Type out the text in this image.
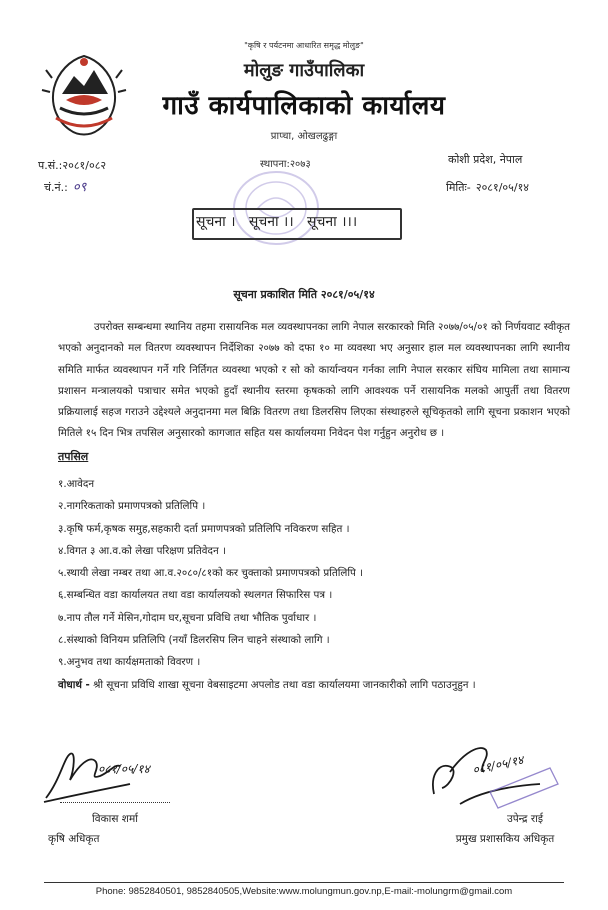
"कृषि र पर्यटनमा आधारित समृद्ध मोलुङ"
मोलुङ गाउँपालिका
गाउँ कार्यपालिकाको कार्यालय
प्राप्चा, ओखलढुङ्गा
प.सं.:२०८१/०८२	स्थापना:२०७३	कोशी प्रदेश, नेपाल
चं.नं.: ०९	मितिः- २०८१/०५/१४
सूचना ।   सूचना ।।   सूचना ।।।
सूचना प्रकाशित मिति २०८१/०५/१४
उपरोक्त सम्बन्धमा स्थानिय तहमा रासायनिक मल व्यवस्थापनका लागि नेपाल सरकारको मिति २०७७/०५/०१ को निर्णयवाट स्वीकृत भएको अनुदानको मल वितरण व्यवस्थापन निर्देशिका २०७७ को दफा १० मा व्यवस्था भए अनुसार हाल मल व्यवस्थापनका लागि स्थानीय समिति मार्फत व्यवस्थापन गर्ने गरि निर्तिगत व्यवस्था भएको र सो को कार्यान्वयन गर्नका लागि नेपाल सरकार संघिय मामिला तथा सामान्य प्रशासन मन्त्रालयको पत्राचार समेत भएको हुदाँ स्थानीय स्तरमा कृषकको लागि आवश्यक पर्ने रासायनिक मलको आपुर्ती तथा वितरण प्रक्रियालाई सहज गराउने उद्देश्यले अनुदानमा मल बिक्रि वितरण तथा डिलरसिप लिएका संस्थाहरुले सूचिकृतको लागि सूचना प्रकाशन भएको मितिले १५ दिन भित्र तपसिल अनुसारको कागजात सहित यस कार्यालयमा निवेदन पेश गर्नुहुन अनुरोध छ ।
तपसिल
१.आवेदन
२.नागरिकताको प्रमाणपत्रको प्रतिलिपि ।
३.कृषि फर्म,कृषक समुह,सहकारी दर्ता प्रमाणपत्रको प्रतिलिपि नविकरण सहित ।
४.विगत ३ आ.व.को लेखा परिक्षण प्रतिवेदन ।
५.स्थायी लेखा नम्बर तथा आ.व.२०८०/८१को कर चुक्ताको प्रमाणपत्रको प्रतिलिपि ।
६.सम्बन्धित वडा कार्यालयत तथा वडा कार्यालयको स्थलगत सिफारिस पत्र ।
७.नाप तौल गर्ने मेसिन,गोदाम घर,सूचना प्रविधि तथा भौतिक पुर्वाधार ।
८.संस्थाको विनियम प्रतिलिपि (नयाँ डिलरसिप लिन चाहने संस्थाको लागि ।
९.अनुभव तथा कार्यक्षमताको विवरण ।
वोधार्थ - श्री सूचना प्रविधि शाखा सूचना वेबसाइटमा अपलोड तथा वडा कार्यालयमा जानकारीको लागि पठाउनुहुन ।
०८१/०५/१४
विकास शर्मा
कृषि अधिकृत
०८१/०५/१४
उपेन्द्र राई
प्रमुख प्रशासकिय अधिकृत
Phone: 9852840501, 9852840505,Website:www.molungmun.gov.np,E-mail:-molungrm@gmail.com
